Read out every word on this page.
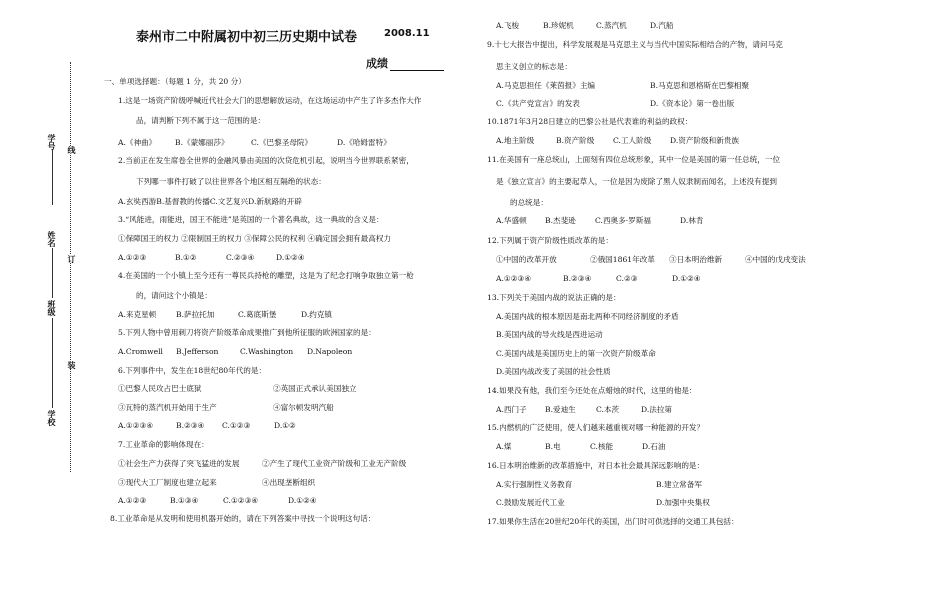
泰州市二中附属初中初三历史期中试卷	2008.11
成绩
学号
姓名
班级
学校
线
订
装
一、单项选择题：（每题 1 分，共 20 分）
1.这是一场资产阶级呼喊近代社会大门的思想解放运动，在这场运动中产生了许多杰作大作
品，请判断下列不属于这一范围的是：
A.《神曲》 B.《蒙娜丽莎》	C.《巴黎圣母院》	D.《哈姆雷特》
2.当前正在发生席卷全世界的金融风暴由美国的次贷危机引起，说明当今世界联系紧密，
下列哪一事件打破了以往世界各个地区相互隔绝的状态：
A.玄奘西游B.基督教的传播C.文艺复兴D.新航路的开辟
3.“风能进，雨能进，国王不能进”是英国的一个著名典故，这一典故的含义是：
①保障国王的权力 ②限制国王的权力 ③保障公民的权利 ④确定国会拥有最高权力
A.①②③	B.①②	C.②③④	D.①②④
4.在美国的一个小镇上至今还有一尊民兵持枪的雕塑，这是为了纪念打响争取独立第一枪
的，请问这个小镇是：
A.来克星顿	B.萨拉托加	C.葛底斯堡	D.约克镇
5.下列人物中曾用刺刀将资产阶级革命成果推广到他所征服的欧洲国家的是：
A.Cromwell B.Jefferson	C.Washington D.Napoleon
6.下列事件中，发生在18世纪80年代的是：
①巴黎人民攻占巴士底狱	②英国正式承认美国独立
③瓦特的蒸汽机开始用于生产	④富尔顿发明汽船
A.①②③④	B.②③④ C.①②③	D.①②
7.工业革命的影响体现在：
①社会生产力获得了突飞猛进的发展	②产生了现代工业资产阶级和工业无产阶级
③现代大工厂制度也建立起来	④出现垄断组织
A.①②③	B.①③④	C.①②③④	D.①②④
8.工业革命是从发明和使用机器开始的，请在下列答案中寻找一个说明这句话：
A.飞梭	B.珍妮机	C.蒸汽机	D.汽船
9.十七大报告中提出，科学发展观是马克思主义与当代中国实际相结合的产物，请问马克
思主义创立的标志是：
A.马克思担任《莱茵报》主编	B.马克思和恩格斯在巴黎相聚
C.《共产党宣言》的发表	D.《资本论》第一卷出版
10.1871年3月28日建立的巴黎公社是代表谁的利益的政权：
A.地主阶级	B.资产阶级 C.工人阶级 D.资产阶级和新贵族
11.在美国有一座总统山，上面刻有四位总统形象，其中一位是美国的第一任总统，一位
是《独立宣言》的主要起草人，一位是因为废除了黑人奴隶制而闻名，上述没有提到
的总统是：
A.华盛顿 B.杰斐逊	C.西奥多·罗斯福	D.林肯
12.下列属于资产阶级性质改革的是：
①中国的改革开放	②俄国1861年改革 ③日本明治维新	④中国的戊戌变法
A.①②③④	B.②③④	C.②③	D.①②④
13.下列关于美国内战的说法正确的是：
A.美国内战的根本原因是南北两种不同经济制度的矛盾
B.美国内战的导火线是西进运动
C.美国内战是美国历史上的第一次资产阶级革命
D.美国内战改变了美国的社会性质
14.如果没有他，我们至今还处在点蜡烛的时代，这里的他是：
A.西门子 B.爱迪生	C.本茨	D.法拉第
15.内燃机的广泛使用，使人们越来越重视对哪一种能源的开发？
A.煤	B.电	C.核能	D.石油
16.日本明治维新的改革措施中，对日本社会最具深远影响的是：
A.实行强制性义务教育	B.建立常备军
C.鼓励发展近代工业	D.加强中央集权
17.如果你生活在20世纪20年代的美国，出门时可供选择的交通工具包括：
